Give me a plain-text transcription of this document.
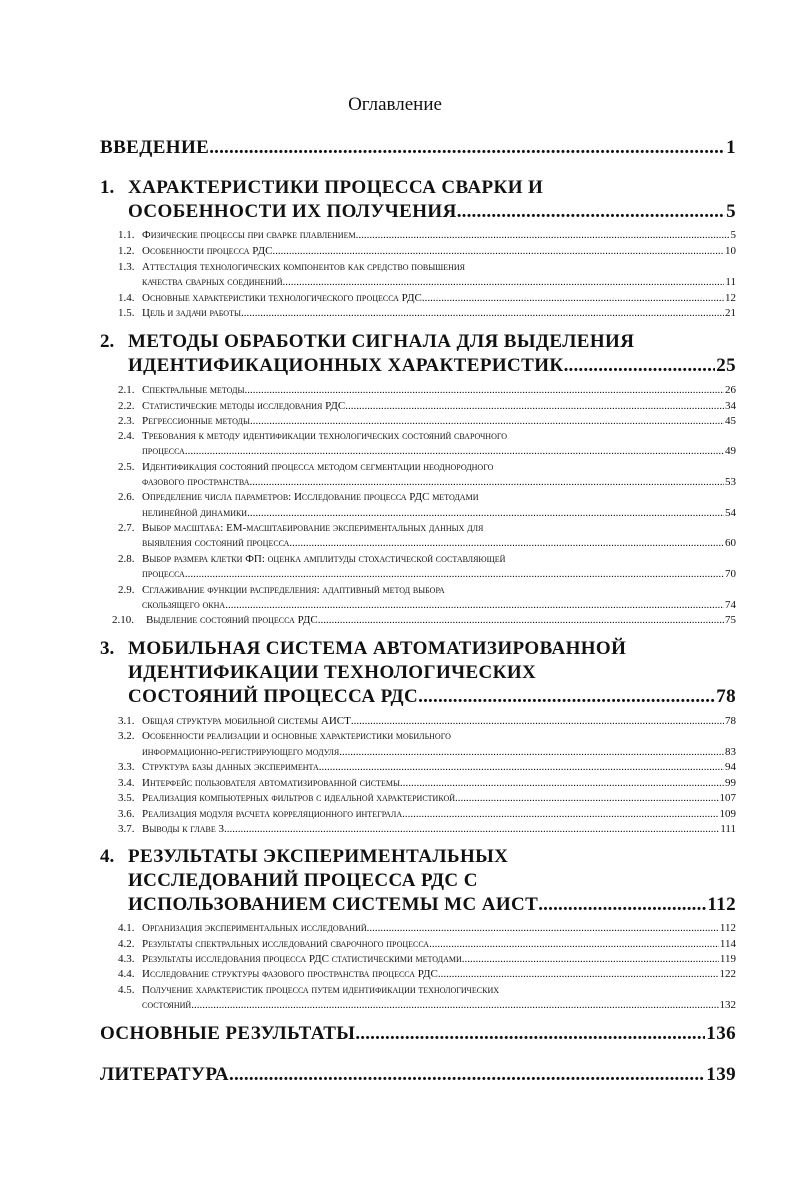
Оглавление
ВВЕДЕНИЕ .....	1
1. ХАРАКТЕРИСТИКИ ПРОЦЕССА СВАРКИ И
ОСОБЕННОСТИ ИХ ПОЛУЧЕНИЯ .....	5
1.1. Физические процессы при сварке плавлением. .....	5
1.2. Особенности процесса РДС .....	10
1.3. Аттестация технологических компонентов как средство повышения
качества сварных соединений .....	11
1.4. Основные характеристики технологического процесса РДС .....	12
1.5. Цель и задачи работы .....	21
2. МЕТОДЫ ОБРАБОТКИ СИГНАЛА ДЛЯ ВЫДЕЛЕНИЯ
ИДЕНТИФИКАЦИОННЫХ ХАРАКТЕРИСТИК .....	25
2.1. Спектральные методы .....	26
2.2. Статистические методы исследования РДС .....	34
2.3. Регрессионные методы .....	45
2.4. Требования к методу идентификации технологических состояний сварочного
процесса .....	49
2.5. Идентификация состояний процесса методом сегментации неоднородного
фазового пространства .....	53
2.6. Определение числа параметров: Исследование процесса РДС методами
нелинейной динамики .....	54
2.7. Выбор масштаба: EM-масштабирование экспериментальных данных для
выявления состояний процесса .....	60
2.8. Выбор размера клетки ФП: оценка амплитуды стохастической составляющей
процесса .....	70
2.9. Сглаживание функции распределения: адаптивный метод выбора
скользящего окна .....	74
2.10. Выделение состояний процесса РДС .....	75
3. МОБИЛЬНАЯ СИСТЕМА АВТОМАТИЗИРОВАННОЙ
ИДЕНТИФИКАЦИИ ТЕХНОЛОГИЧЕСКИХ
СОСТОЯНИЙ ПРОЦЕССА РДС .....	78
3.1. Общая структура мобильной системы АИСТ .....	78
3.2. Особенности реализации и основные характеристики мобильного
информационно-регистрирующего модуля .....	83
3.3. Структура базы данных эксперимента .....	94
3.4. Интерфейс пользователя автоматизированной системы. .....	99
3.5. Реализация компьютерных фильтров с идеальной характеристикой .....	107
3.6. Реализация модуля расчета корреляционного интеграла .....	109
3.7. Выводы к главе 3 .....	111
4. РЕЗУЛЬТАТЫ ЭКСПЕРИМЕНТАЛЬНЫХ
ИССЛЕДОВАНИЙ ПРОЦЕССА РДС С
ИСПОЛЬЗОВАНИЕМ СИСТЕМЫ МС АИСТ .....	112
4.1. Организация экспериментальных исследований .....	112
4.2. Результаты спектральных исследований сварочного процесса .....	114
4.3. Результаты исследования процесса РДС статистическими методами .....	119
4.4. Исследование структуры фазового пространства процесса РДС .....	122
4.5. Получение характеристик процесса путем идентификации технологических
состояний .....	132
ОСНОВНЫЕ РЕЗУЛЬТАТЫ .....	136
ЛИТЕРАТУРА .....	139
